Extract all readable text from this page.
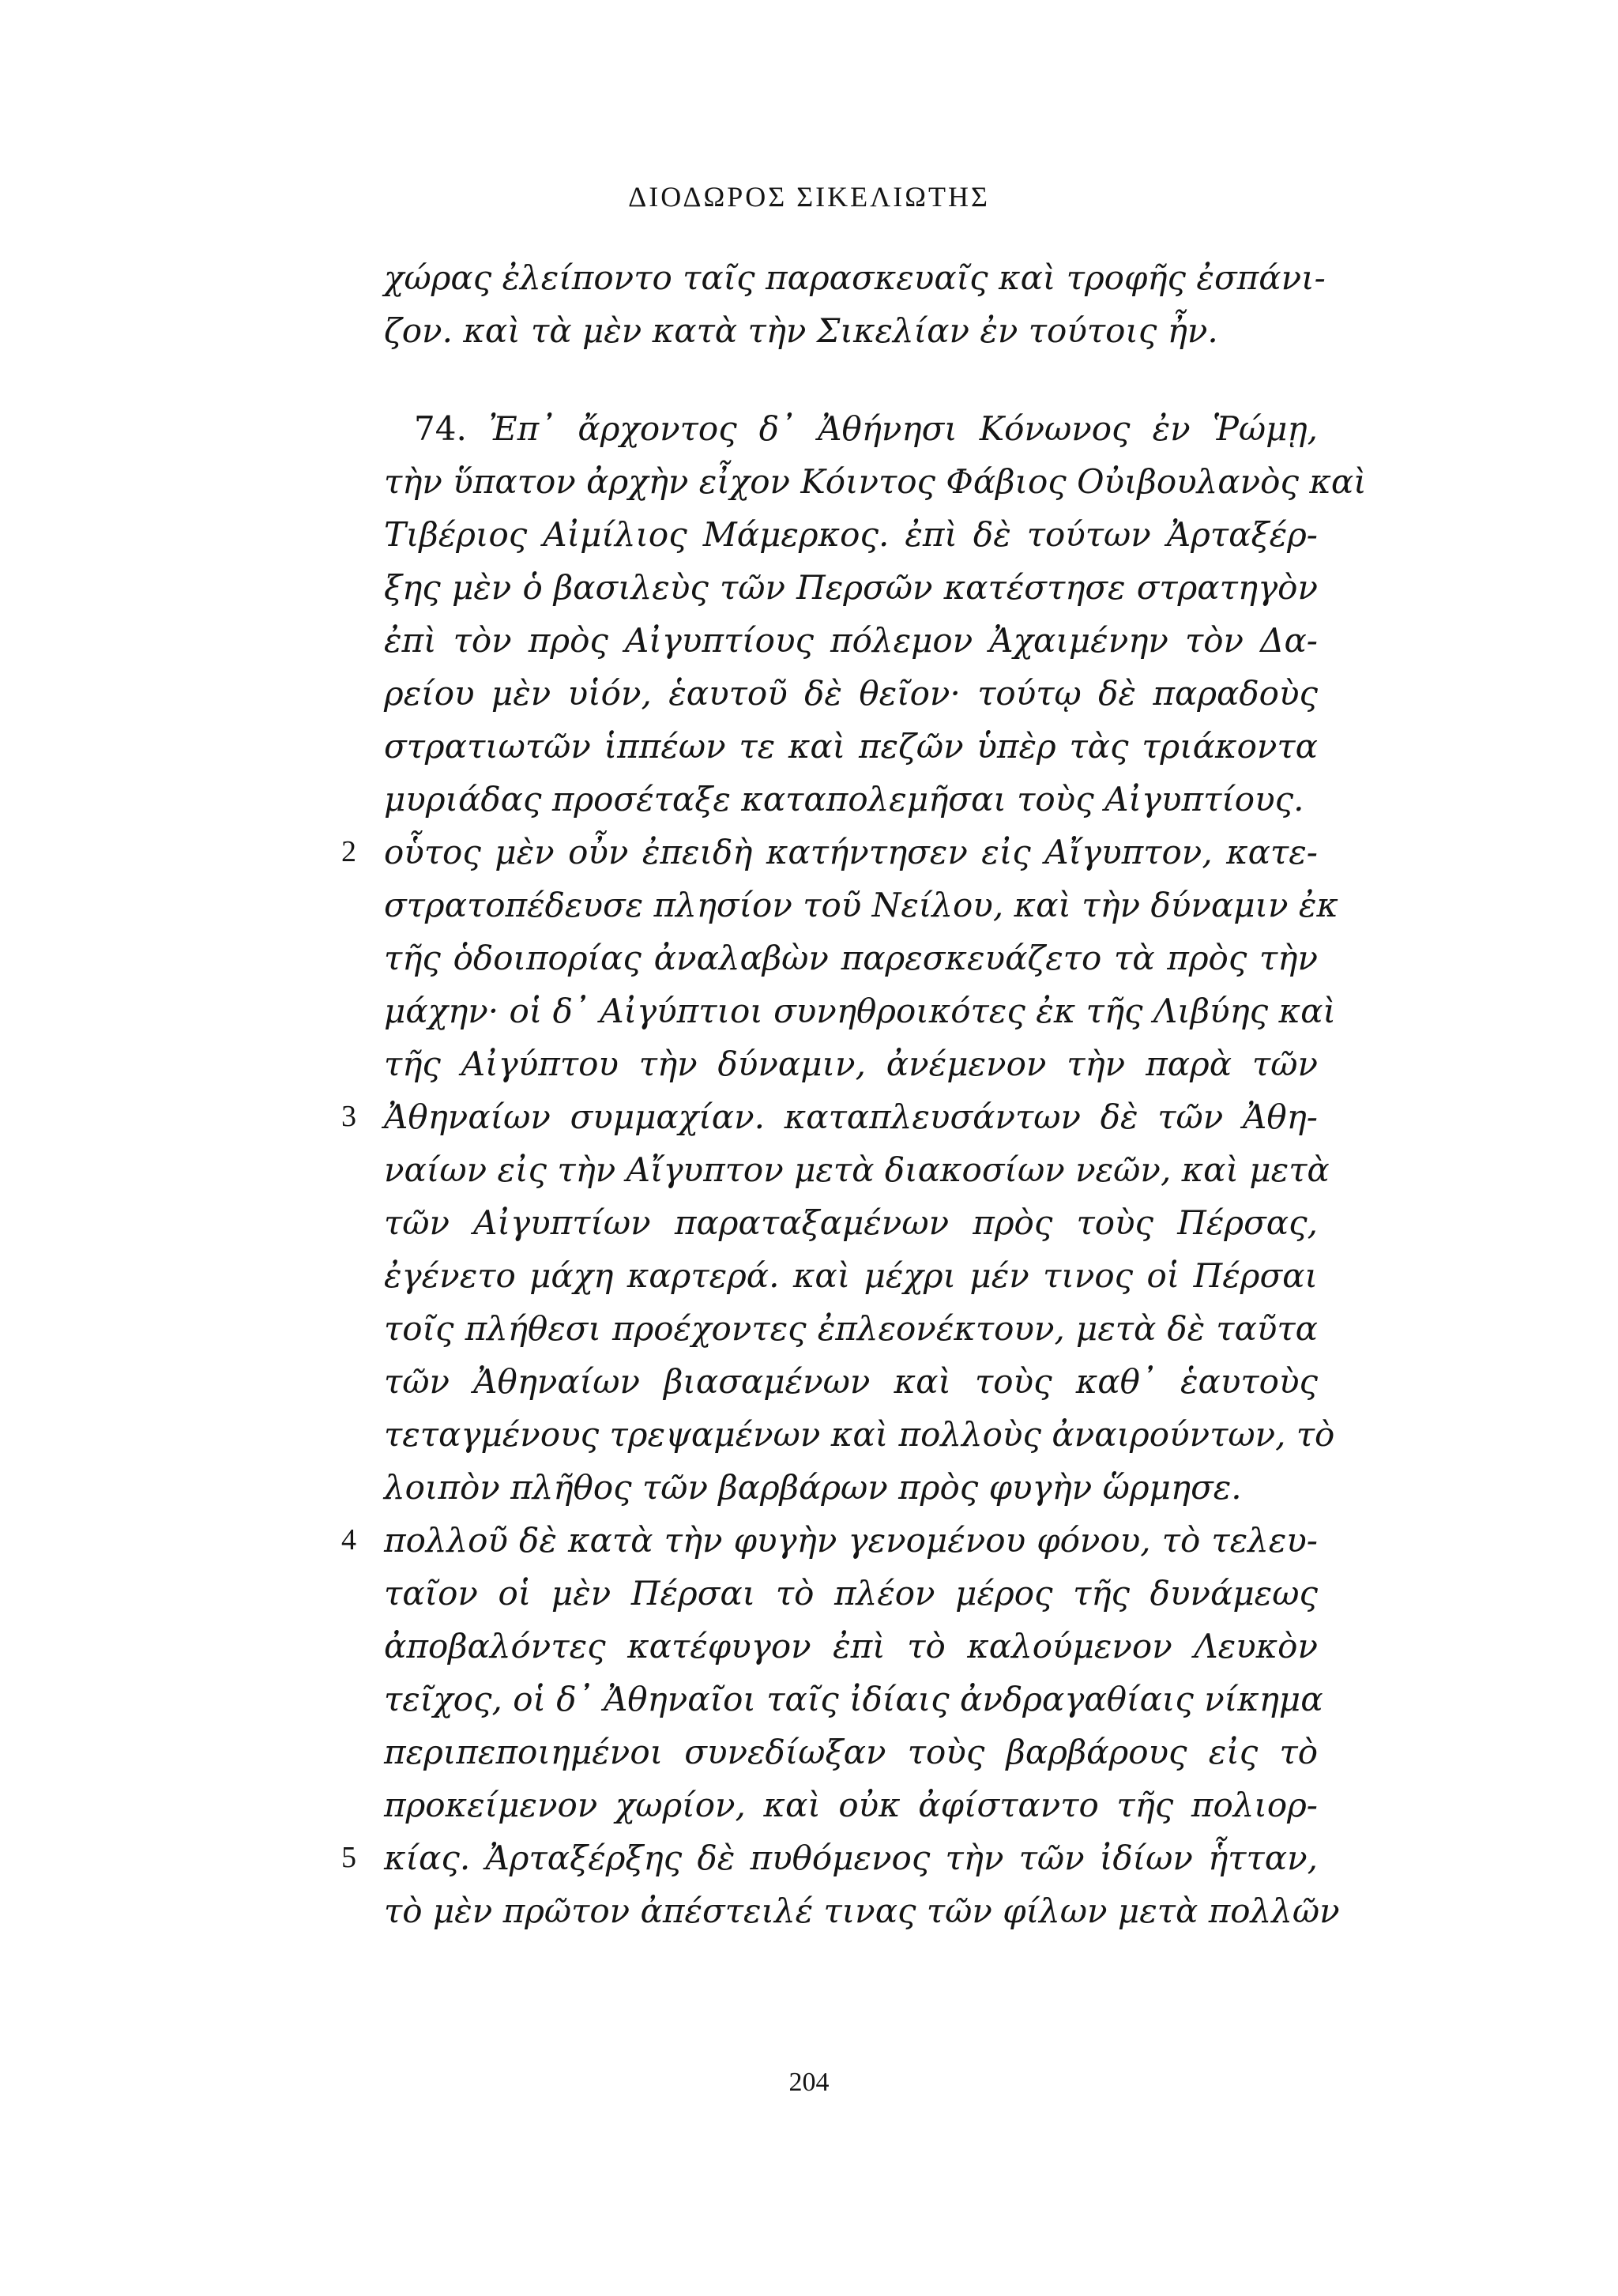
ΔΙΟΔΩΡΟΣ ΣΙΚΕΛΙΩΤΗΣ
χώρας ἐλείποντο ταῖς παρασκευαῖς καὶ τροφῆς ἐσπάνι-
ζον. καὶ τὰ μὲν κατὰ τὴν Σικελίαν ἐν τούτοις ἦν.
74. Ἐπ᾽ ἄρχοντος δ᾽ Ἀθήνησι Κόνωνος ἐν Ῥώμῃ,
τὴν ὕπατον ἀρχὴν εἶχον Κόιντος Φάβιος Οὐιβουλανὸς καὶ
Τιβέριος Αἰμίλιος Μάμερκος. ἐπὶ δὲ τούτων Ἀρταξέρ-
ξης μὲν ὁ βασιλεὺς τῶν Περσῶν κατέστησε στρατηγὸν
ἐπὶ τὸν πρὸς Αἰγυπτίους πόλεμον Ἀχαιμένην τὸν Δα-
ρείου μὲν υἱόν, ἑαυτοῦ δὲ θεῖον· τούτῳ δὲ παραδοὺς
στρατιωτῶν ἱππέων τε καὶ πεζῶν ὑπὲρ τὰς τριάκοντα
μυριάδας προσέταξε καταπολεμῆσαι τοὺς Αἰγυπτίους.
2 οὗτος μὲν οὖν ἐπειδὴ κατήντησεν εἰς Αἴγυπτον, κατε-
στρατοπέδευσε πλησίον τοῦ Νείλου, καὶ τὴν δύναμιν ἐκ
τῆς ὁδοιπορίας ἀναλαβὼν παρεσκευάζετο τὰ πρὸς τὴν
μάχην· οἱ δ᾽ Αἰγύπτιοι συνηθροικότες ἐκ τῆς Λιβύης καὶ
τῆς Αἰγύπτου τὴν δύναμιν, ἀνέμενον τὴν παρὰ τῶν
3 Ἀθηναίων συμμαχίαν. καταπλευσάντων δὲ τῶν Ἀθη-
ναίων εἰς τὴν Αἴγυπτον μετὰ διακοσίων νεῶν, καὶ μετὰ
τῶν Αἰγυπτίων παραταξαμένων πρὸς τοὺς Πέρσας,
ἐγένετο μάχη καρτερά. καὶ μέχρι μέν τινος οἱ Πέρσαι
τοῖς πλήθεσι προέχοντες ἐπλεονέκτουν, μετὰ δὲ ταῦτα
τῶν Ἀθηναίων βιασαμένων καὶ τοὺς καθ᾽ ἑαυτοὺς
τεταγμένους τρεψαμένων καὶ πολλοὺς ἀναιρούντων, τὸ
λοιπὸν πλῆθος τῶν βαρβάρων πρὸς φυγὴν ὥρμησε.
4 πολλοῦ δὲ κατὰ τὴν φυγὴν γενομένου φόνου, τὸ τελευ-
ταῖον οἱ μὲν Πέρσαι τὸ πλέον μέρος τῆς δυνάμεως
ἀποβαλόντες κατέφυγον ἐπὶ τὸ καλούμενον Λευκὸν
τεῖχος, οἱ δ᾽ Ἀθηναῖοι ταῖς ἰδίαις ἀνδραγαθίαις νίκημα
περιπεποιημένοι συνεδίωξαν τοὺς βαρβάρους εἰς τὸ
προκείμενον χωρίον, καὶ οὐκ ἀφίσταντο τῆς πολιορ-
5 κίας. Ἀρταξέρξης δὲ πυθόμενος τὴν τῶν ἰδίων ἧτταν,
τὸ μὲν πρῶτον ἀπέστειλέ τινας τῶν φίλων μετὰ πολλῶν
204
